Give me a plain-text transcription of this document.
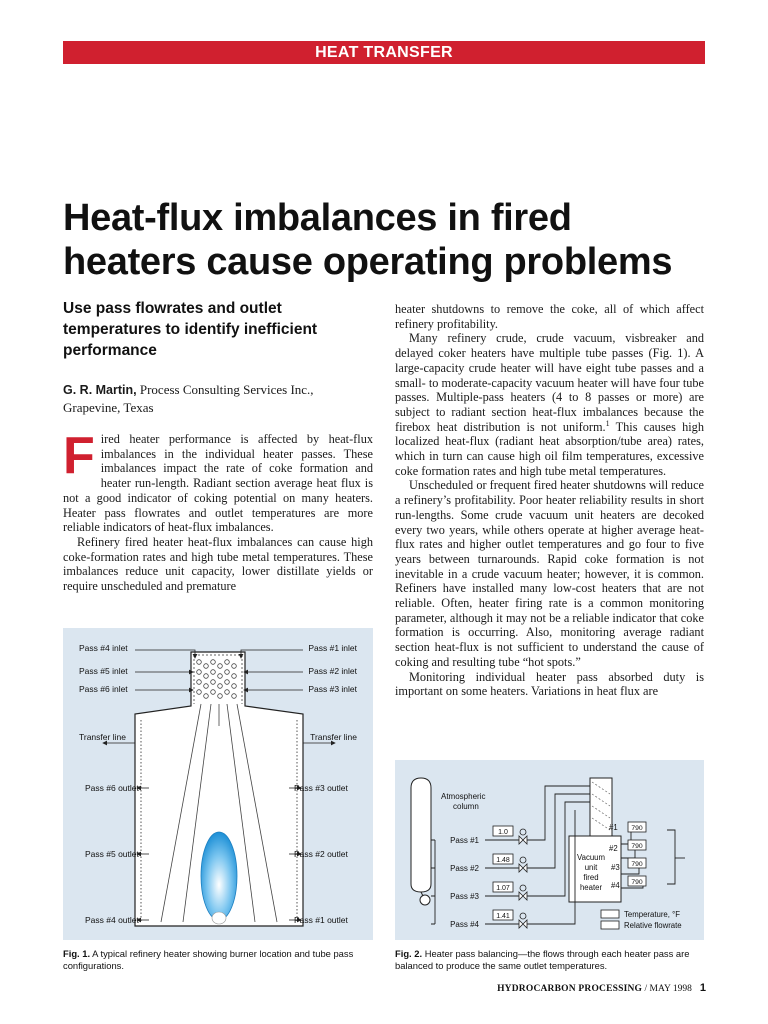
HEAT TRANSFER
Heat-flux imbalances in fired
heaters cause operating problems
Use pass flowrates and outlet
temperatures to identify inefficient
performance
G. R. Martin, Process Consulting Services Inc.,
Grapevine, Texas

Fired heater performance is affected by heat-flux imbalances in the individual heater passes. These imbalances impact the rate of coke formation and heater run-length. Radiant section average heat flux is not a good indicator of coking potential on many heaters. Heater pass flowrates and outlet temperatures are more reliable indicators of heat-flux imbalances.

Refinery fired heater heat-flux imbalances can cause high coke-formation rates and high tube metal temperatures. These imbalances reduce unit capacity, lower distillate yields or require unscheduled and premature

heater shutdowns to remove the coke, all of which affect refinery profitability.

Many refinery crude, crude vacuum, visbreaker and delayed coker heaters have multiple tube passes (Fig. 1). A large-capacity crude heater will have eight tube passes and a small- to moderate-capacity vacuum heater will have four tube passes. Multiple-pass heaters (4 to 8 passes or more) are subject to radiant section heat-flux imbalances because the firebox heat distribution is not uniform.$^1$ This causes high localized heat-flux (radiant heat absorption/tube area) rates, which in turn can cause high oil film temperatures, excessive coke formation rates and high tube metal temperatures.

Unscheduled or frequent fired heater shutdowns will reduce a refinery’s profitability. Poor heater reliability results in short run-lengths. Some crude vacuum unit heaters are decoked every two years, while others operate at higher average heat-flux rates and higher outlet temperatures and go four to five years between turnarounds. Rapid coke formation is not inevitable in a crude vacuum heater; however, it is common. Refiners have installed many low-cost heaters that are not reliable. Often, heater firing rate is a common monitoring parameter, although it may not be a reliable indicator that coke formation is occurring. Also, monitoring average radiant section heat-flux is not sufficient to understand the cause of coking and resulting tube “hot spots.”

Monitoring individual heater pass absorbed duty is important on some heaters. Variations in heat flux are

Pass #4 inlet
Pass #5 inlet
Pass #6 inlet
Pass #1 inlet
Pass #2 inlet
Pass #3 inlet
Transfer line	Transfer line
Pass #6 outlet
Pass #5 outlet
Pass #4 outlet
Pass #3 outlet
Pass #2 outlet
Pass #1 outlet
Fig. 1. A typical refinery heater showing burner location and tube pass configurations.
Atmospheric
column
Vacuum
unit
fired
heater
1.0
1.48
1.07
1.41
Pass #1
Pass #2
Pass #3
Pass #4
#1
#2
#3
#4
790
790
790
790
Temperature, °F
Relative flowrate
Fig. 2. Heater pass balancing—the flows through each heater pass are balanced to produce the same outlet temperatures.
HYDROCARBON PROCESSING / MAY 1998 1
